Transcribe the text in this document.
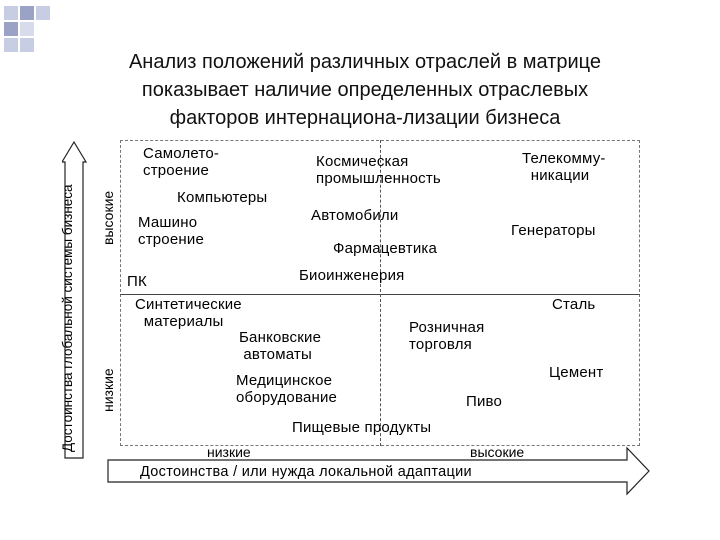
Анализ положений различных отраслей в матрице
показывает наличие определенных отраслевых
факторов интернациона-лизации бизнеса
Достоинства глобальной системы бизнеса высокие
низкие
низкие	высокие
Достоинства / или нужда локальной адаптации
Самолето-
строение
Космическая
промышленность
Телекомму-
никации
Компьютеры
Машино
строение
Автомобили
Генераторы
Фармацевтика
Биоинженерия
ПК
Синтетические
материалы
Сталь
Банковские
автоматы
Розничная
торговля
Медицинское
оборудование
Цемент
Пиво
Пищевые продукты
